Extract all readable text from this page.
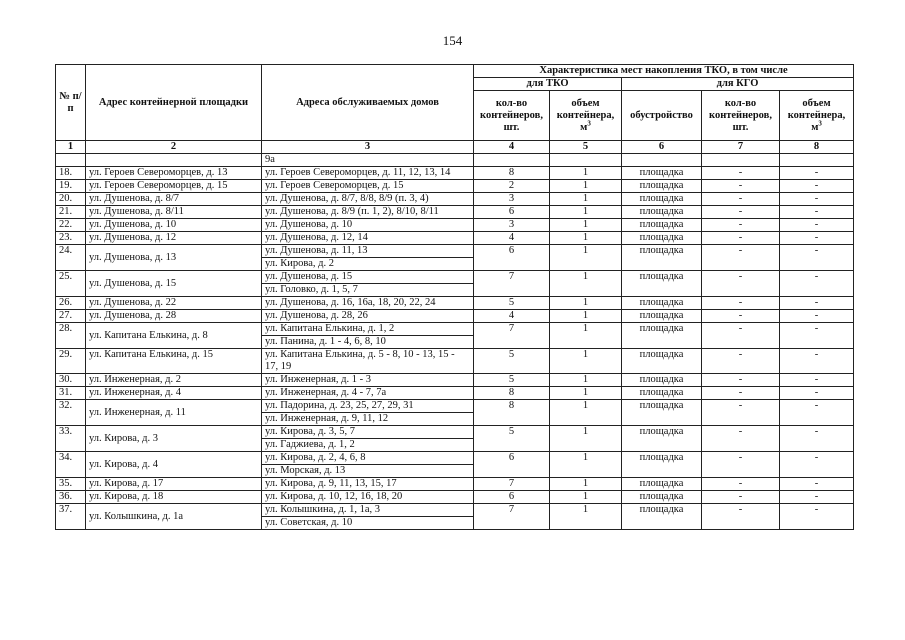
154
№ п/п	Адрес контейнерной площадки	Адреса обслуживаемых домов	Характеристика мест накопления ТКО, в том числе				
			для ТКО		для КГО		
			кол-во контейнеров, шт.	объем контейнера, $м^3$	обустройство	кол-во контейнеров, шт.	объем контейнера, $м^3$
1	2	3	4	5	6	7	8
		9а					
18.	ул. Героев Североморцев, д. 13	ул. Героев Североморцев, д. 11, 12, 13, 14	8	1	площадка	-	-
19.	ул. Героев Североморцев, д. 15	ул. Героев Североморцев, д. 15	2	1	площадка	-	-
20.	ул. Душенова, д. 8/7	ул. Душенова, д. 8/7, 8/8, 8/9 (п. 3, 4)	3	1	площадка	-	-
21.	ул. Душенова, д. 8/11	ул. Душенова, д. 8/9 (п. 1, 2), 8/10, 8/11	6	1	площадка	-	-
22.	ул. Душенова, д. 10	ул. Душенова, д. 10	3	1	площадка	-	-
23.	ул. Душенова, д. 12	ул. Душенова, д. 12, 14	4	1	площадка	-	-
24.	ул. Душенова, д. 13	ул. Душенова, д. 11, 13	6	1	площадка	-	-
		ул. Кирова, д. 2					
25.	ул. Душенова, д. 15	ул. Душенова, д. 15	7	1	площадка	-	-
		ул. Головко, д. 1, 5, 7					
26.	ул. Душенова, д. 22	ул. Душенова, д. 16, 16а, 18, 20, 22, 24	5	1	площадка	-	-
27.	ул. Душенова, д. 28	ул. Душенова, д. 28, 26	4	1	площадка	-	-
28.	ул. Капитана Елькина, д. 8	ул. Капитана Елькина, д. 1, 2	7	1	площадка	-	-
		ул. Панина, д. 1 - 4, 6, 8, 10					
29.	ул. Капитана Елькина, д. 15	ул. Капитана Елькина, д. 5 - 8, 10 - 13, 15 - 17, 19	5	1	площадка	-	-
30.	ул. Инженерная, д. 2	ул. Инженерная, д. 1 - 3	5	1	площадка	-	-
31.	ул. Инженерная, д. 4	ул. Инженерная, д. 4 - 7, 7а	8	1	площадка	-	-
32.	ул. Инженерная, д. 11	ул. Падорина, д. 23, 25, 27, 29, 31	8	1	площадка	-	-
		ул. Инженерная, д. 9, 11, 12					
33.	ул. Кирова, д. 3	ул. Кирова, д. 3, 5, 7	5	1	площадка	-	-
		ул. Гаджиева, д. 1, 2					
34.	ул. Кирова, д. 4	ул. Кирова, д. 2, 4, 6, 8	6	1	площадка	-	-
		ул. Морская, д. 13					
35.	ул. Кирова, д. 17	ул. Кирова, д. 9, 11, 13, 15, 17	7	1	площадка	-	-
36.	ул. Кирова, д. 18	ул. Кирова, д. 10, 12, 16, 18, 20	6	1	площадка	-	-
37.	ул. Колышкина, д. 1а	ул. Колышкина, д. 1, 1а, 3	7	1	площадка	-	-
		ул. Советская, д. 10					
